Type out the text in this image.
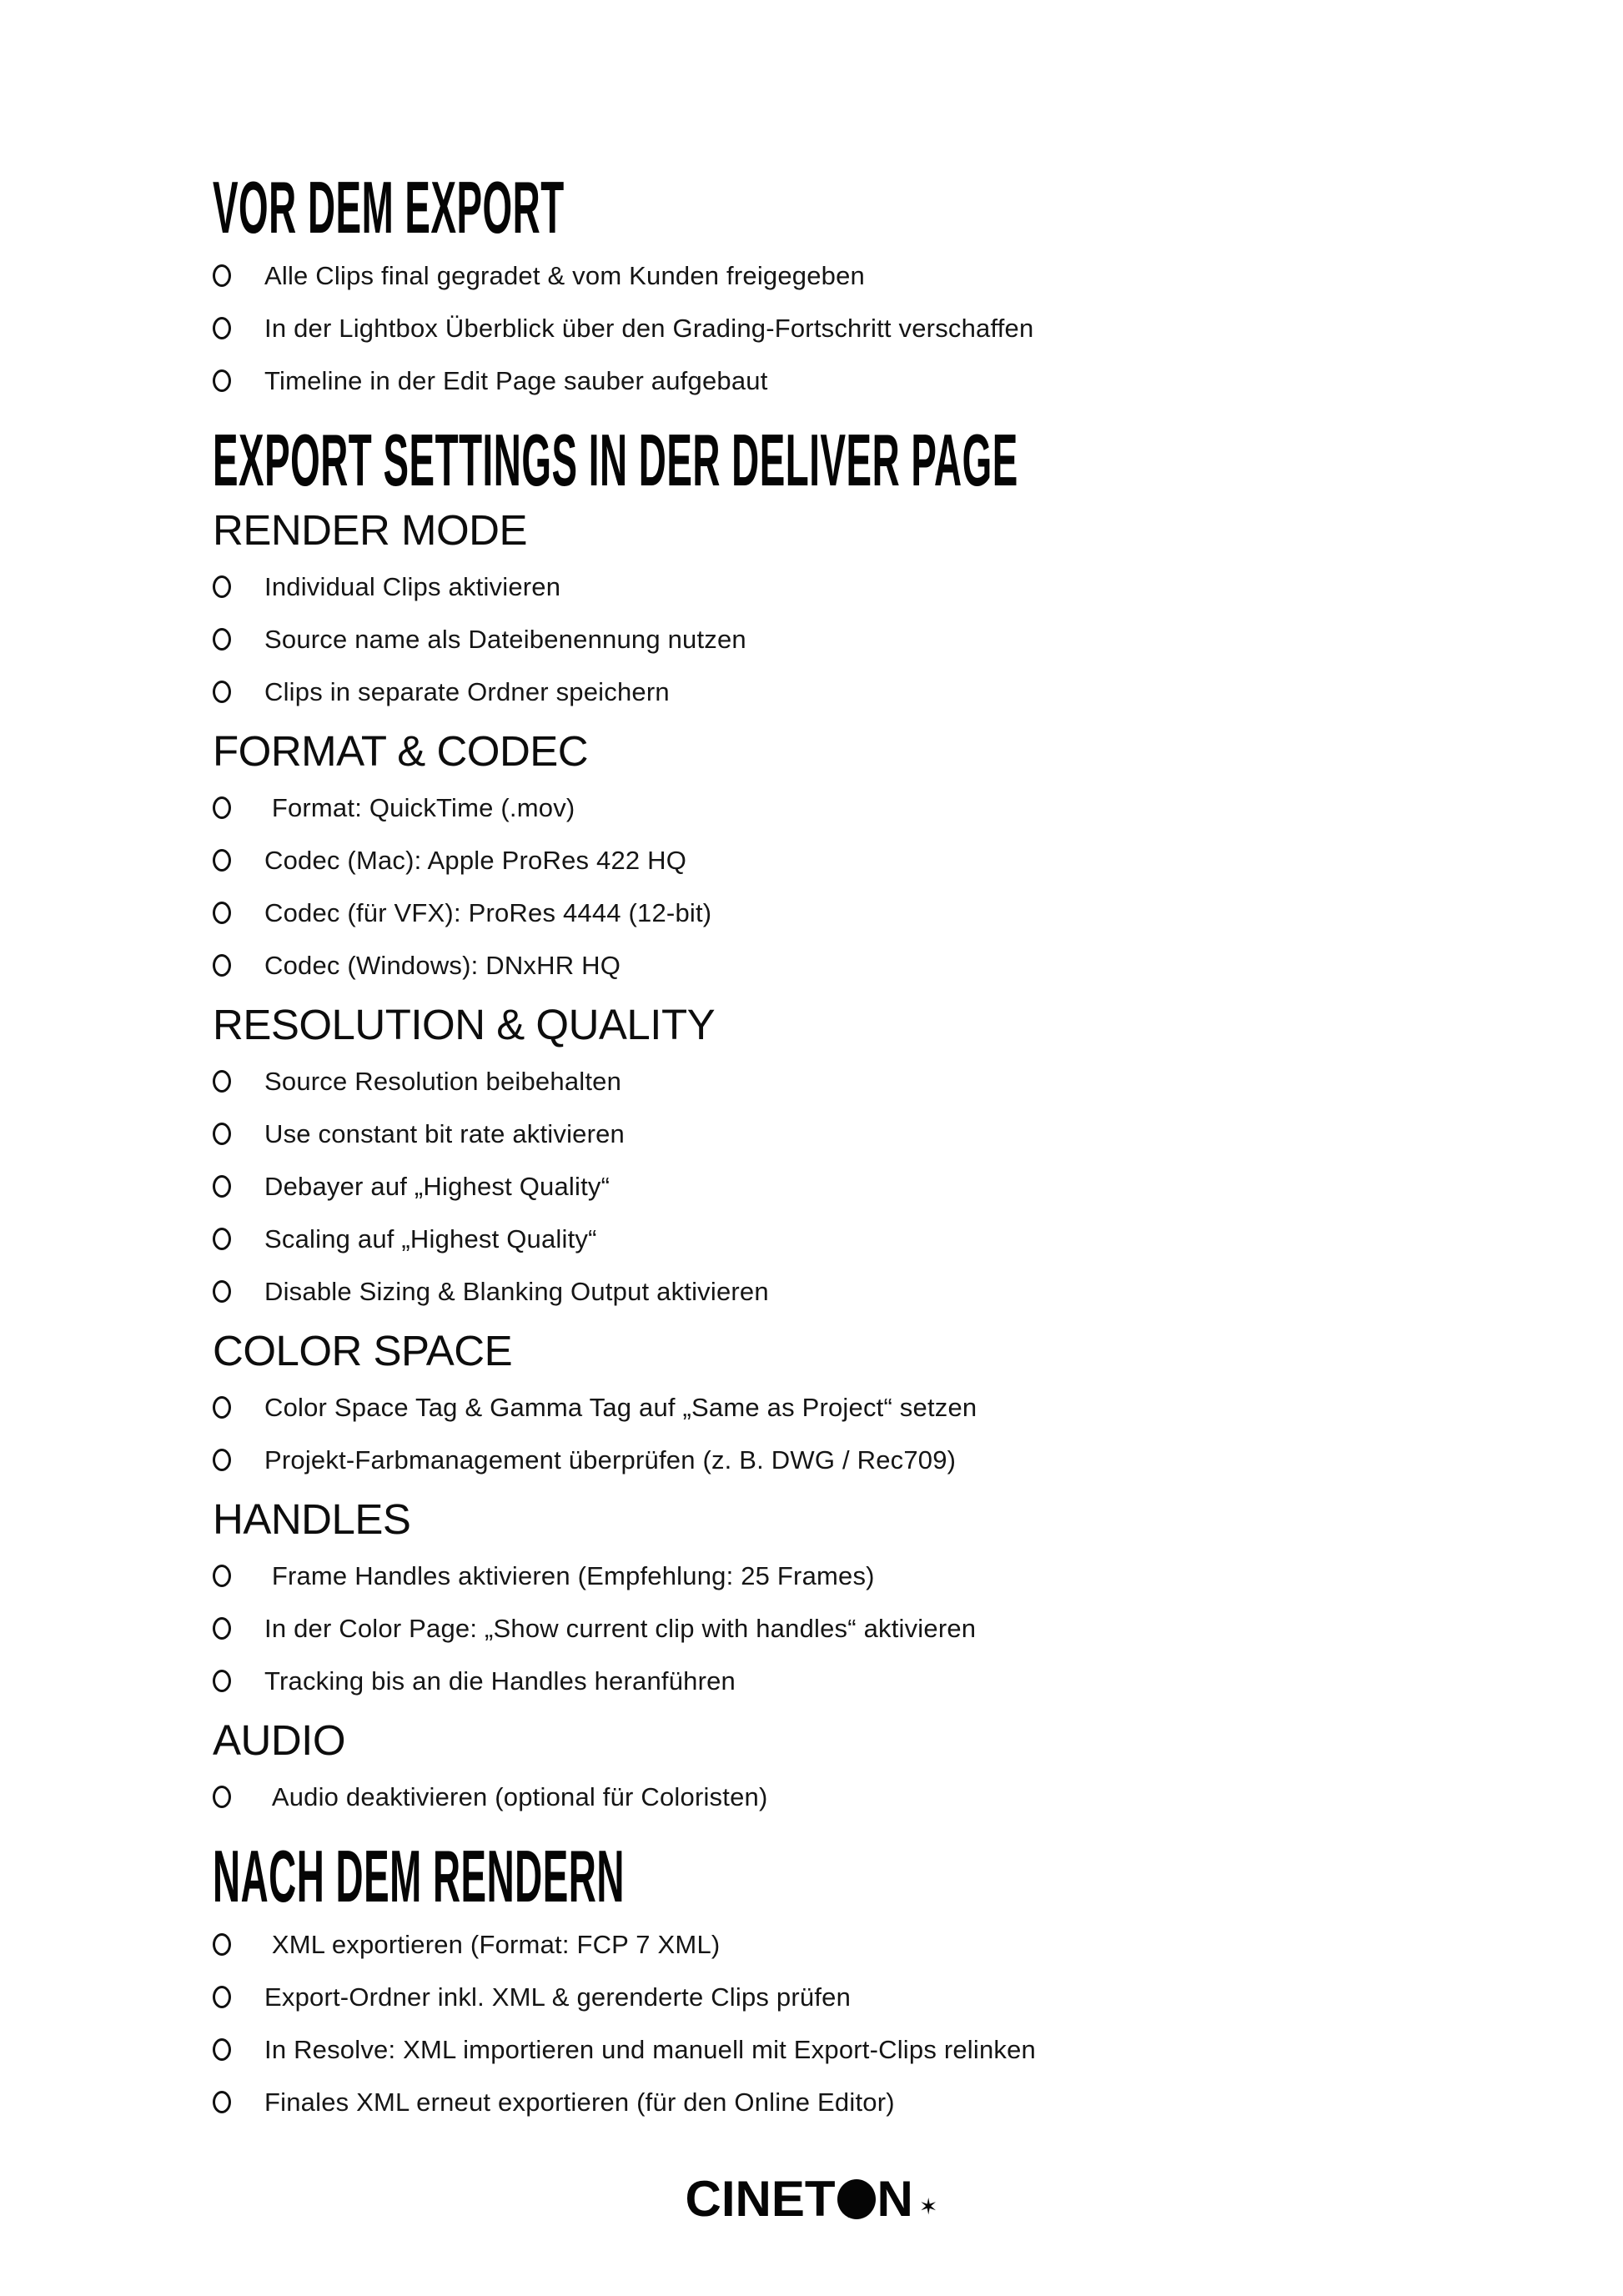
VOR DEM EXPORT
Alle Clips final gegradet & vom Kunden freigegeben
In der Lightbox Überblick über den Grading-Fortschritt verschaffen
Timeline in der Edit Page sauber aufgebaut
EXPORT SETTINGS IN DER DELIVER PAGE
RENDER MODE
Individual Clips aktivieren
Source name als Dateibenennung nutzen
Clips in separate Ordner speichern
FORMAT & CODEC
Format: QuickTime (.mov)
Codec (Mac): Apple ProRes 422 HQ
Codec (für VFX): ProRes 4444 (12-bit)
Codec (Windows): DNxHR HQ
RESOLUTION & QUALITY
Source Resolution beibehalten
Use constant bit rate aktivieren
Debayer auf „Highest Quality“
Scaling auf „Highest Quality“
Disable Sizing & Blanking Output aktivieren
COLOR SPACE
Color Space Tag & Gamma Tag auf „Same as Project“ setzen
Projekt-Farbmanagement überprüfen (z. B. DWG / Rec709)
HANDLES
Frame Handles aktivieren (Empfehlung: 25 Frames)
In der Color Page: „Show current clip with handles“ aktivieren
Tracking bis an die Handles heranführen
AUDIO
Audio deaktivieren (optional für Coloristen)
NACH DEM RENDERN
XML exportieren (Format: FCP 7 XML)
Export-Ordner inkl. XML & gerenderte Clips prüfen
In Resolve: XML importieren und manuell mit Export-Clips relinken
Finales XML erneut exportieren (für den Online Editor)
CINET N ✶
